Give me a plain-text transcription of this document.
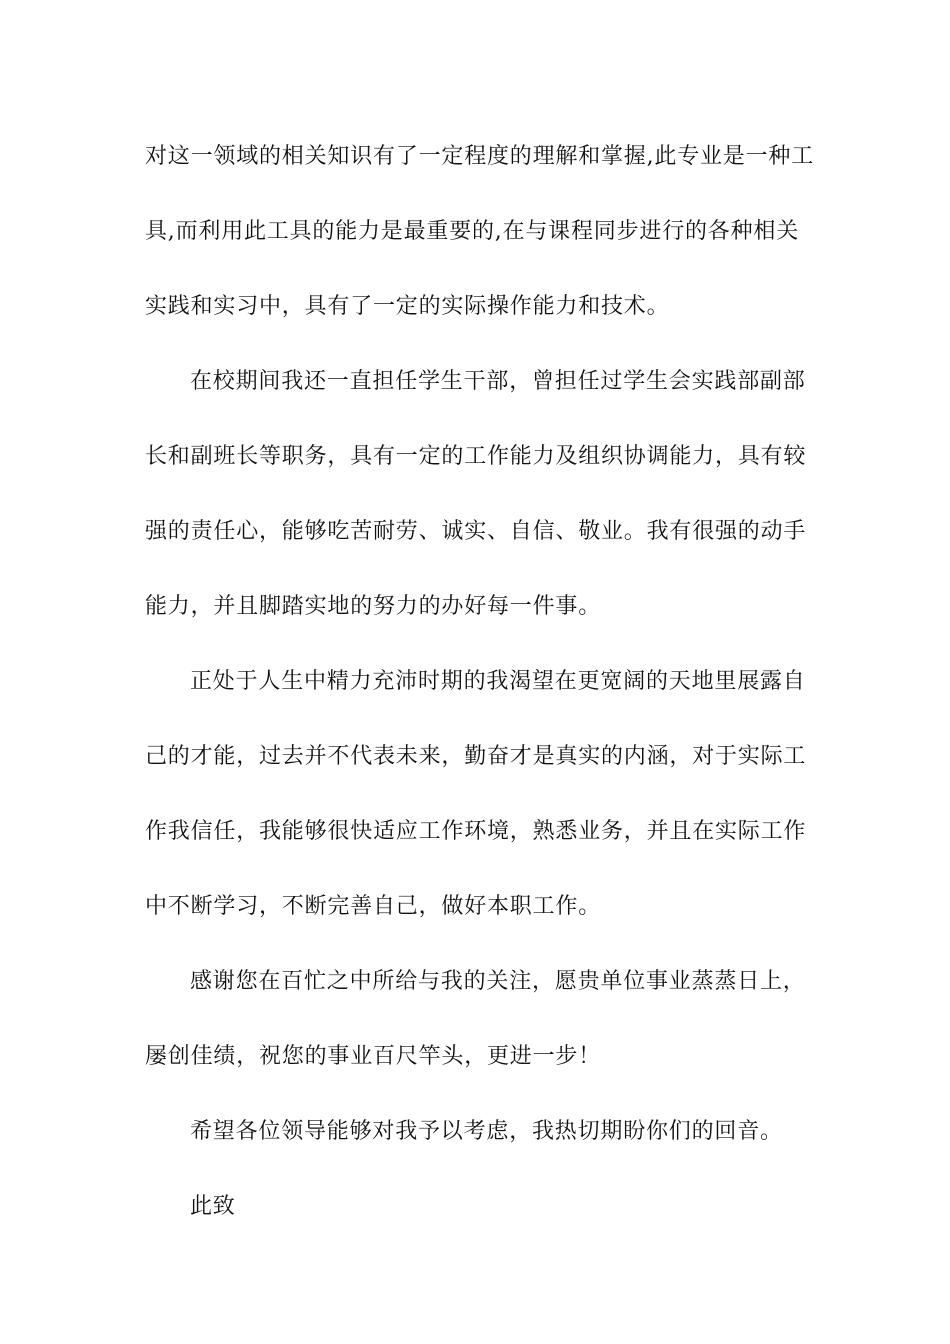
对这一领域的相关知识有了一定程度的理解和掌握,此专业是一种工
具,而利用此工具的能力是最重要的,在与课程同步进行的各种相关
实践和实习中，具有了一定的实际操作能力和技术。
在校期间我还一直担任学生干部，曾担任过学生会实践部副部
长和副班长等职务，具有一定的工作能力及组织协调能力，具有较
强的责任心，能够吃苦耐劳、诚实、自信、敬业。我有很强的动手
能力，并且脚踏实地的努力的办好每一件事。
正处于人生中精力充沛时期的我渴望在更宽阔的天地里展露自
己的才能，过去并不代表未来，勤奋才是真实的内涵，对于实际工
作我信任，我能够很快适应工作环境，熟悉业务，并且在实际工作
中不断学习，不断完善自己，做好本职工作。
感谢您在百忙之中所给与我的关注，愿贵单位事业蒸蒸日上，
屡创佳绩，祝您的事业百尺竿头，更进一步！
希望各位领导能够对我予以考虑，我热切期盼你们的回音。
此致
